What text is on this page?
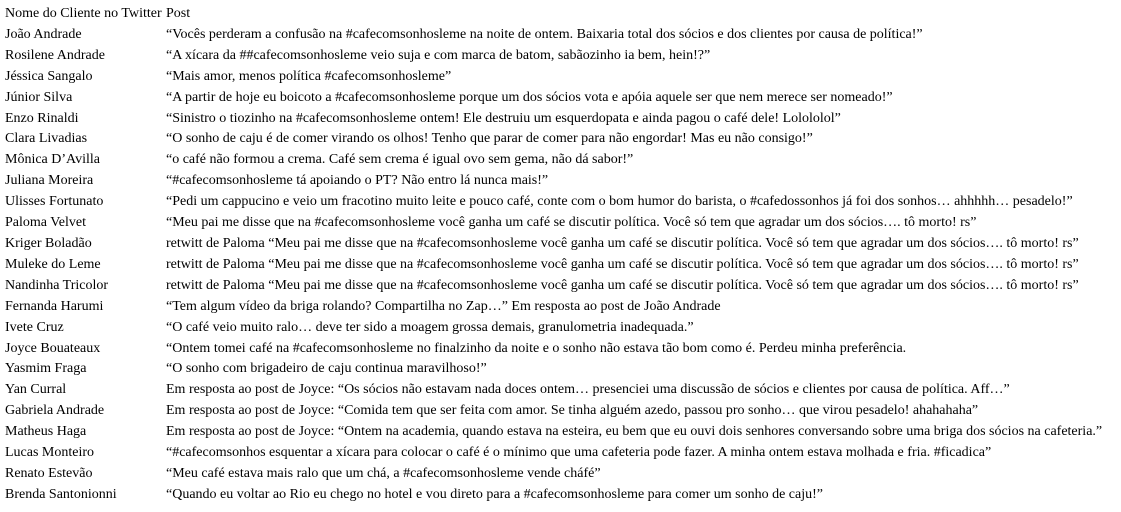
Nome do Cliente no Twitter Post
João Andrade	“Vocês perderam a confusão na #cafecomsonhosleme na noite de ontem. Baixaria total dos sócios e dos clientes por causa de política!”
Rosilene Andrade	“A xícara da ##cafecomsonhosleme veio suja e com marca de batom, sabãozinho ia bem, hein!?”
Jéssica Sangalo	“Mais amor, menos política #cafecomsonhosleme”
Júnior Silva	“A partir de hoje eu boicoto a #cafecomsonhosleme porque um dos sócios vota e apóia aquele ser que nem merece ser nomeado!”
Enzo Rinaldi	“Sinistro o tiozinho na #cafecomsonhosleme ontem! Ele destruiu um esquerdopata e ainda pagou o café dele! Lolololol”
Clara Livadias	“O sonho de caju é de comer virando os olhos! Tenho que parar de comer para não engordar! Mas eu não consigo!”
Mônica D’Avilla	“o café não formou a crema. Café sem crema é igual ovo sem gema, não dá sabor!”
Juliana Moreira	“#cafecomsonhosleme tá apoiando o PT? Não entro lá nunca mais!”
Ulisses Fortunato	“Pedi um cappucino e veio um fracotino muito leite e pouco café, conte com o bom humor do barista, o #cafedossonhos já foi dos sonhos… ahhhhh… pesadelo!”
Paloma Velvet	“Meu pai me disse que na #cafecomsonhosleme você ganha um café se discutir política. Você só tem que agradar um dos sócios…. tô morto! rs”
Kriger Boladão	retwitt de Paloma “Meu pai me disse que na #cafecomsonhosleme você ganha um café se discutir política. Você só tem que agradar um dos sócios…. tô morto! rs”
Muleke do Leme	retwitt de Paloma “Meu pai me disse que na #cafecomsonhosleme você ganha um café se discutir política. Você só tem que agradar um dos sócios…. tô morto! rs”
Nandinha Tricolor	retwitt de Paloma “Meu pai me disse que na #cafecomsonhosleme você ganha um café se discutir política. Você só tem que agradar um dos sócios…. tô morto! rs”
Fernanda Harumi	“Tem algum vídeo da briga rolando? Compartilha no Zap…” Em resposta ao post de João Andrade
Ivete Cruz	“O café veio muito ralo… deve ter sido a moagem grossa demais, granulometria inadequada.”
Joyce Bouateaux	“Ontem tomei café na #cafecomsonhosleme no finalzinho da noite e o sonho não estava tão bom como é. Perdeu minha preferência.
Yasmim Fraga	“O sonho com brigadeiro de caju continua maravilhoso!”
Yan Curral	Em resposta ao post de Joyce: “Os sócios não estavam nada doces ontem… presenciei uma discussão de sócios e clientes por causa de política. Aff…”
Gabriela Andrade	Em resposta ao post de Joyce: “Comida tem que ser feita com amor. Se tinha alguém azedo, passou pro sonho… que virou pesadelo! ahahahaha”
Matheus Haga	Em resposta ao post de Joyce: “Ontem na academia, quando estava na esteira, eu bem que eu ouvi dois senhores conversando sobre uma briga dos sócios na cafeteria.”
Lucas Monteiro	“#cafecomsonhos esquentar a xícara para colocar o café é o mínimo que uma cafeteria pode fazer. A minha ontem estava molhada e fria. #ficadica”
Renato Estevão	“Meu café estava mais ralo que um chá, a #cafecomsonhosleme vende cháfé”
Brenda Santonionni	“Quando eu voltar ao Rio eu chego no hotel e vou direto para a #cafecomsonhosleme para comer um sonho de caju!”
